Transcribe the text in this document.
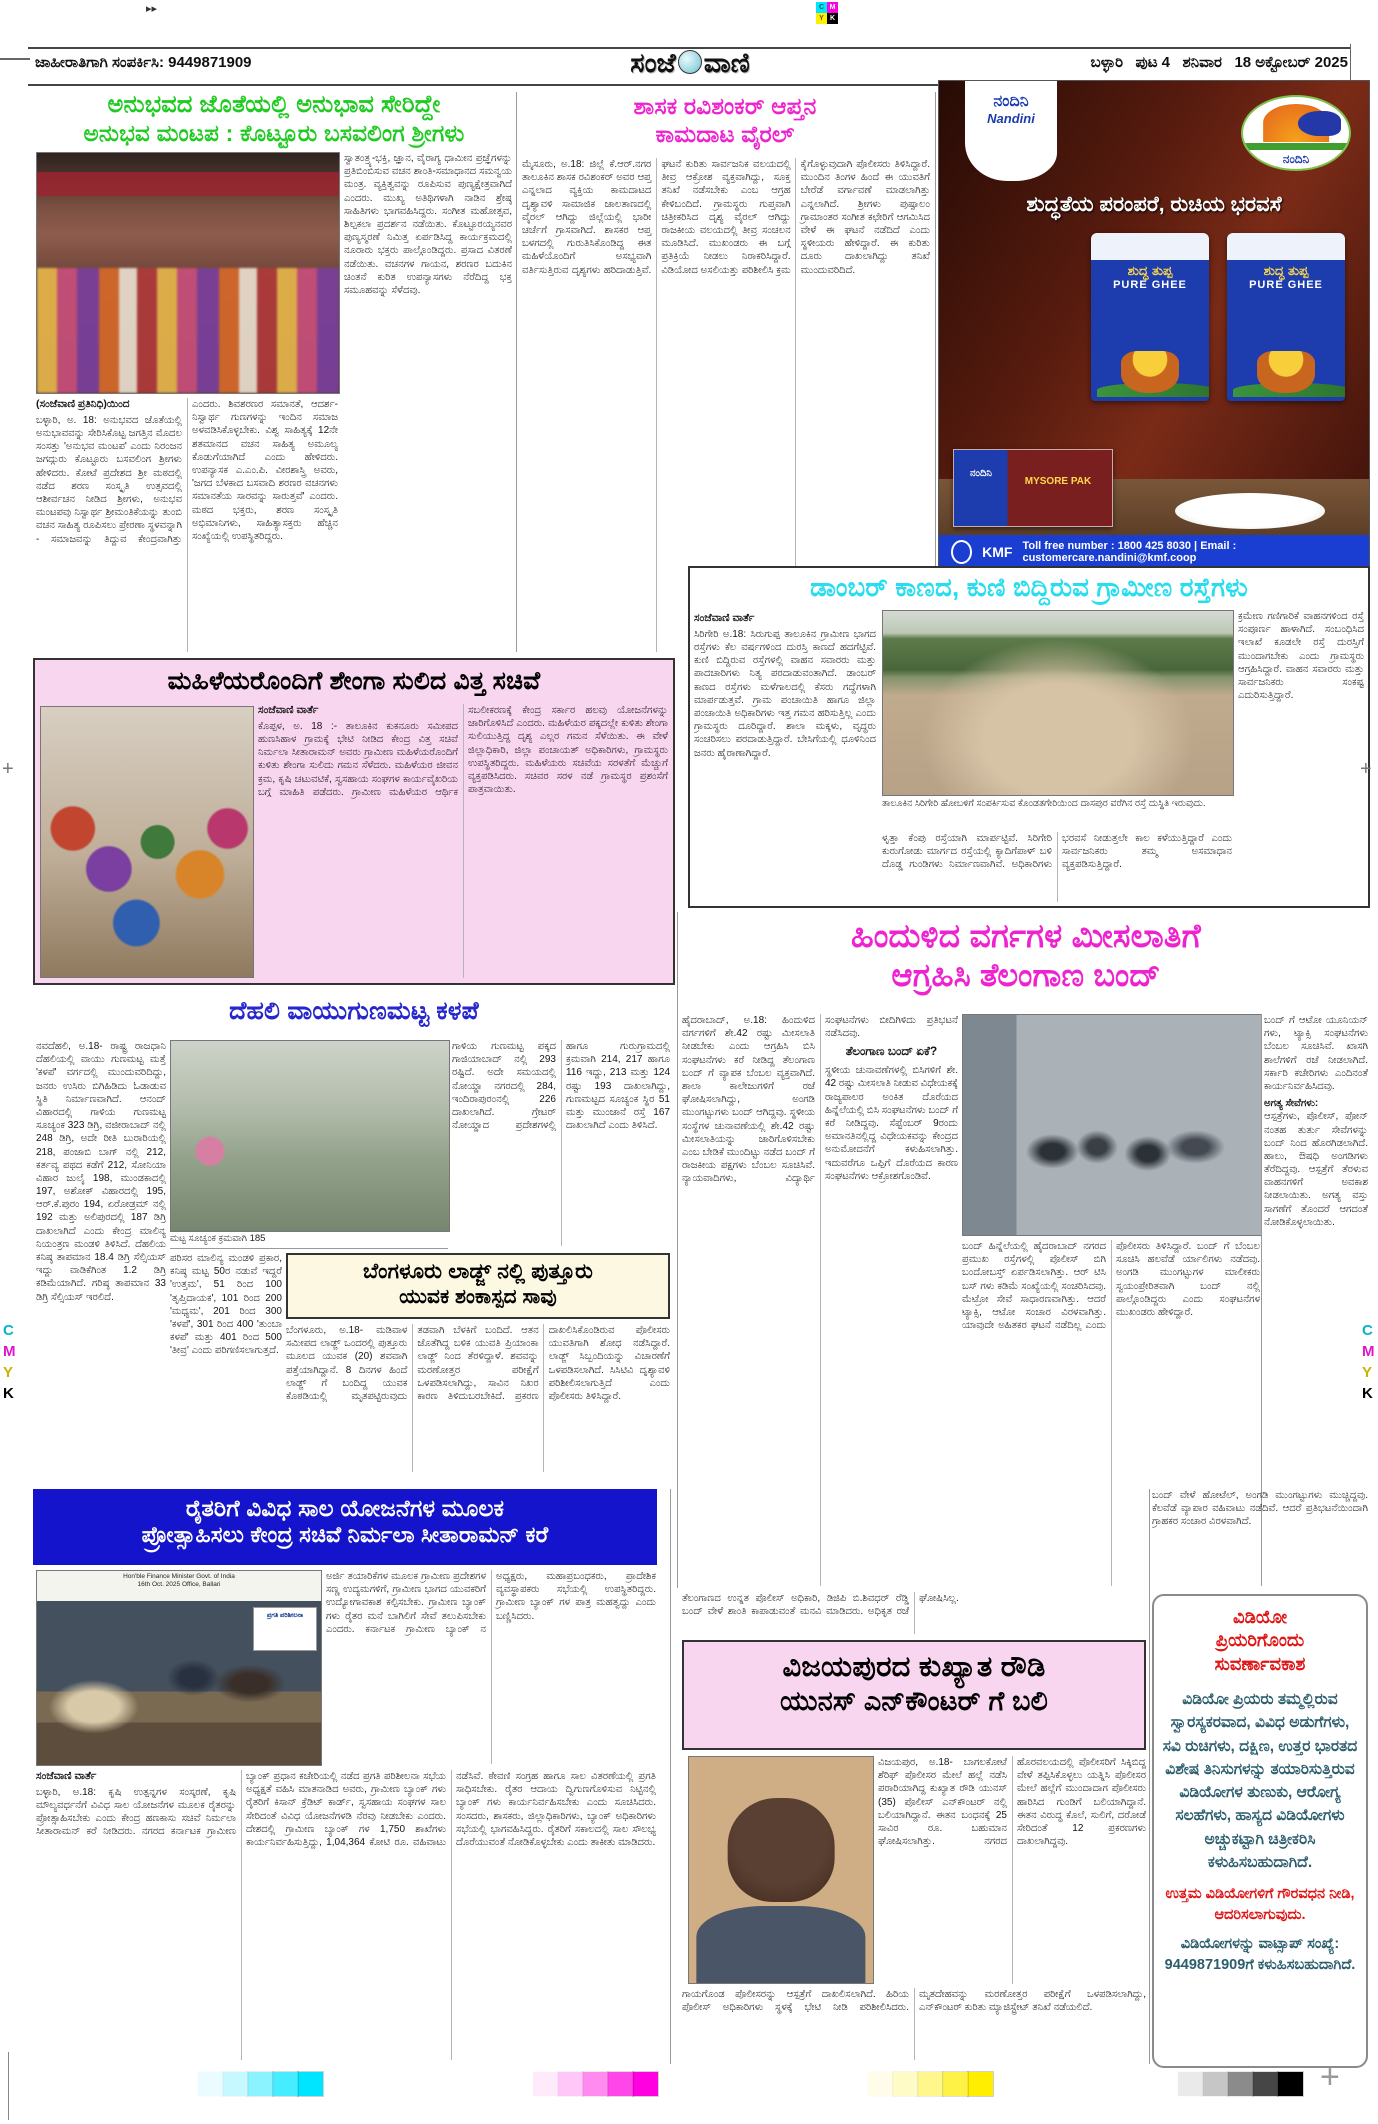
▸▸	C M
Y K
ಜಾಹೀರಾತಿಗಾಗಿ ಸಂಪರ್ಕಿಸಿ: 9449871909	ಸಂಜೆ ವಾಣಿ	ಬಳ್ಳಾರಿ   ಪುಟ 4   ಶನಿವಾರ   18 ಅಕ್ಟೋಬರ್ 2025
ಅನುಭವದ ಜೊತೆಯಲ್ಲಿ ಅನುಭಾವ ಸೇರಿದ್ದೇ
ಅನುಭವ ಮಂಟಪ : ಕೊಟ್ಟೂರು ಬಸವಲಿಂಗ ಶ್ರೀಗಳು
ಸ್ವಾತಂತ್ರ್ಯ-ಭಕ್ತಿ, ಜ್ಞಾನ, ವೈರಾಗ್ಯ ಧಾಮೀನ ಪ್ರಜ್ಞೆಗಳನ್ನು ಪ್ರತಿಬಿಂಬಿಸುವ ವಚನ ಶಾಂತಿ-ಸಮಾಧಾನದ ಸಮನ್ವಯ ಮಂತ್ರ. ವ್ಯಕ್ತಿತ್ವವನ್ನು ರೂಪಿಸುವ ಪುಣ್ಯಕ್ಷೇತ್ರವಾಗಿದೆ ಎಂದರು. ಮುಖ್ಯ ಅತಿಥಿಗಳಾಗಿ ನಾಡಿನ ಶ್ರೇಷ್ಠ ಸಾಹಿತಿಗಳು ಭಾಗವಹಿಸಿದ್ದರು. ಸಂಗೀತ ಮಹೋತ್ಸವ, ಶಿಲ್ಪಕಲಾ ಪ್ರದರ್ಶನ ನಡೆಯಿತು. ಕೊಟ್ಟೂರಯ್ಯನವರ ಪುಣ್ಯಸ್ಮರಣೆ ನಿಮಿತ್ತ ಏರ್ಪಡಿಸಿದ್ದ ಕಾರ್ಯಕ್ರಮದಲ್ಲಿ ನೂರಾರು ಭಕ್ತರು ಪಾಲ್ಗೊಂಡಿದ್ದರು. ಪ್ರಸಾದ ವಿತರಣೆ ನಡೆಯಿತು. ವಚನಗಳ ಗಾಯನ, ಶರಣರ ಬದುಕಿನ ಚಿಂತನೆ ಕುರಿತ ಉಪನ್ಯಾಸಗಳು ನೆರೆದಿದ್ದ ಭಕ್ತ ಸಮೂಹವನ್ನು ಸೆಳೆದವು.
(ಸಂಜೆವಾಣಿ ಪ್ರತಿನಿಧಿ)ಯಿಂದ
ಬಳ್ಳಾರಿ, ಅ. 18: ಅನುಭವದ ಜೊತೆಯಲ್ಲಿ ಅನುಭಾವವನ್ನು ಸೇರಿಸಿಕೊಟ್ಟ ಜಗತ್ತಿನ ಮೊದಲ ಸಂಸತ್ತು 'ಅನುಭವ ಮಂಟಪ' ಎಂದು ನಿರಂಜನ ಜಗದ್ಗುರು ಕೊಟ್ಟೂರು ಬಸವಲಿಂಗ ಶ್ರೀಗಳು ಹೇಳಿದರು. ಕೋಟೆ ಪ್ರದೇಶದ ಶ್ರೀ ಮಠದಲ್ಲಿ ನಡೆದ ಶರಣ ಸಂಸ್ಕೃತಿ ಉತ್ಸವದಲ್ಲಿ ಆಶೀರ್ವಚನ ನೀಡಿದ ಶ್ರೀಗಳು, ಅನುಭವ ಮಂಟಪವು ನಿಸ್ವಾರ್ಥ ಶ್ರೀಮಂತಿಕೆಯನ್ನು ತುಂಬಿ ವಚನ ಸಾಹಿತ್ಯ ರೂಪಿಸಲು ಪ್ರೇರಣಾ ಸ್ಥಳವನ್ನಾಗಿ - ಸಮಾಜವನ್ನು ತಿದ್ದುವ ಕೇಂದ್ರವಾಗಿತ್ತು ಎಂದರು. ಶಿವಶರಣರ ಸಮಾನತೆ, ಆದರ್ಶ-ನಿಸ್ವಾರ್ಥ ಗುಣಗಳನ್ನು ಇಂದಿನ ಸಮಾಜ ಅಳವಡಿಸಿಕೊಳ್ಳಬೇಕು. ವಿಶ್ವ ಸಾಹಿತ್ಯಕ್ಕೆ 12ನೇ ಶತಮಾನದ ವಚನ ಸಾಹಿತ್ಯ ಅಮೂಲ್ಯ ಕೊಡುಗೆಯಾಗಿದೆ ಎಂದು ಹೇಳಿದರು. ಉಪನ್ಯಾಸಕ ಎ.ಎಂ.ಪಿ. ವೀರಶಾಸ್ತ್ರಿ ಅವರು, 'ಜಗದ ಬೆಳಕಾದ ಬಸವಾದಿ ಶರಣರ ವಚನಗಳು ಸಮಾನತೆಯ ಸಾರವನ್ನು ಸಾರುತ್ತವೆ' ಎಂದರು. ಮಠದ ಭಕ್ತರು, ಶರಣ ಸಂಸ್ಕೃತಿ ಅಭಿಮಾನಿಗಳು, ಸಾಹಿತ್ಯಾಸಕ್ತರು ಹೆಚ್ಚಿನ ಸಂಖ್ಯೆಯಲ್ಲಿ ಉಪಸ್ಥಿತರಿದ್ದರು.
ಶಾಸಕ ರವಿಶಂಕರ್ ಆಪ್ತನ
ಕಾಮದಾಟ ವೈರಲ್
ಮೈಸೂರು, ಅ.18: ಜಿಲ್ಲೆ ಕೆ.ಆರ್.ನಗರ ತಾಲೂಕಿನ ಶಾಸಕ ರವಿಶಂಕರ್ ಅವರ ಆಪ್ತ ಎನ್ನಲಾದ ವ್ಯಕ್ತಿಯ ಕಾಮದಾಟದ ದೃಶ್ಯಾವಳಿ ಸಾಮಾಜಿಕ ಜಾಲತಾಣದಲ್ಲಿ ವೈರಲ್ ಆಗಿದ್ದು ಜಿಲ್ಲೆಯಲ್ಲಿ ಭಾರೀ ಚರ್ಚೆಗೆ ಗ್ರಾಸವಾಗಿದೆ. ಶಾಸಕರ ಆಪ್ತ ಬಳಗದಲ್ಲಿ ಗುರುತಿಸಿಕೊಂಡಿದ್ದ ಈತ ಮಹಿಳೆಯೊಂದಿಗೆ ಅಸಭ್ಯವಾಗಿ ವರ್ತಿಸುತ್ತಿರುವ ದೃಶ್ಯಗಳು ಹರಿದಾಡುತ್ತಿವೆ. ಘಟನೆ ಕುರಿತು ಸಾರ್ವಜನಿಕ ವಲಯದಲ್ಲಿ ತೀವ್ರ ಆಕ್ರೋಶ ವ್ಯಕ್ತವಾಗಿದ್ದು, ಸೂಕ್ತ ತನಿಖೆ ನಡೆಸಬೇಕು ಎಂಬ ಆಗ್ರಹ ಕೇಳಿಬಂದಿದೆ. ಗ್ರಾಮಸ್ಥರು ಗುಪ್ತವಾಗಿ ಚಿತ್ರೀಕರಿಸಿದ ದೃಶ್ಯ ವೈರಲ್ ಆಗಿದ್ದು ರಾಜಕೀಯ ವಲಯದಲ್ಲಿ ತೀವ್ರ ಸಂಚಲನ ಮೂಡಿಸಿದೆ. ಮುಖಂಡರು ಈ ಬಗ್ಗೆ ಪ್ರತಿಕ್ರಿಯೆ ನೀಡಲು ನಿರಾಕರಿಸಿದ್ದಾರೆ. ವಿಡಿಯೋದ ಅಸಲಿಯತ್ತು ಪರಿಶೀಲಿಸಿ ಕ್ರಮ ಕೈಗೊಳ್ಳುವುದಾಗಿ ಪೊಲೀಸರು ತಿಳಿಸಿದ್ದಾರೆ. ಮುಂದಿನ ತಿಂಗಳ ಹಿಂದೆ ಈ ಯುವತಿಗೆ ಬೇರೆಡೆ ವರ್ಗಾವಣೆ ಮಾಡಲಾಗಿತ್ತು ಎನ್ನಲಾಗಿದೆ. ಶ್ರೀಗಳು ಪುಷ್ಪಾಲಂ ಗ್ರಾಮಾಂತರ ಸಂಗೀತ ಕಛೇರಿಗೆ ಆಗಮಿಸಿದ ವೇಳೆ ಈ ಘಟನೆ ನಡೆದಿದೆ ಎಂದು ಸ್ಥಳೀಯರು ಹೇಳಿದ್ದಾರೆ. ಈ ಕುರಿತು ದೂರು ದಾಖಲಾಗಿದ್ದು ತನಿಖೆ ಮುಂದುವರಿದಿದೆ.
ನಂದಿನಿ
Nandini
ನಂದಿನಿ
ಶುದ್ಧತೆಯ ಪರಂಪರೆ, ರುಚಿಯ ಭರವಸೆ
ಶುದ್ಧ ತುಪ್ಪ
PURE GHEE
ಶುದ್ಧ ತುಪ್ಪ
PURE GHEE
ನಂದಿನಿ
MYSORE PAK
KMF Toll free number : 1800 425 8030 | Email : customercare.nandini@kmf.coop
ಡಾಂಬರ್ ಕಾಣದ, ಕುಣಿ ಬಿದ್ದಿರುವ ಗ್ರಾಮೀಣ ರಸ್ತೆಗಳು
ಸಂಜೆವಾಣಿ ವಾರ್ತೆ
ಸಿರಿಗೇರಿ ಅ.18: ಸಿರುಗುಪ್ಪ ತಾಲೂಕಿನ ಗ್ರಾಮೀಣ ಭಾಗದ ರಸ್ತೆಗಳು ಕೆಲ ವರ್ಷಗಳಿಂದ ದುರಸ್ತಿ ಕಾಣದೆ ಹದಗೆಟ್ಟಿವೆ. ಕುಣಿ ಬಿದ್ದಿರುವ ರಸ್ತೆಗಳಲ್ಲಿ ವಾಹನ ಸವಾರರು ಮತ್ತು ಪಾದಚಾರಿಗಳು ನಿತ್ಯ ಪರದಾಡುವಂತಾಗಿದೆ. ಡಾಂಬರ್ ಕಾಣದ ರಸ್ತೆಗಳು ಮಳೆಗಾಲದಲ್ಲಿ ಕೆಸರು ಗದ್ದೆಗಳಾಗಿ ಮಾರ್ಪಡುತ್ತವೆ. ಗ್ರಾಮ ಪಂಚಾಯಿತಿ ಹಾಗೂ ಜಿಲ್ಲಾ ಪಂಚಾಯಿತಿ ಅಧಿಕಾರಿಗಳು ಇತ್ತ ಗಮನ ಹರಿಸುತ್ತಿಲ್ಲ ಎಂದು ಗ್ರಾಮಸ್ಥರು ದೂರಿದ್ದಾರೆ. ಶಾಲಾ ಮಕ್ಕಳು, ವೃದ್ಧರು ಸಂಚರಿಸಲು ಪರದಾಡುತ್ತಿದ್ದಾರೆ. ಬೇಸಿಗೆಯಲ್ಲಿ ಧೂಳಿನಿಂದ ಜನರು ಹೈರಾಣಾಗಿದ್ದಾರೆ.
ತಾಲೂಕಿನ ಸಿರಿಗೇರಿ ಹೋಬಳಿಗೆ ಸಂಪರ್ಕಿಸುವ ಕೊಂಡತಗೇರಿಯಿಂದ ದಾಸಪುರ ವರೆಗಿನ ರಸ್ತೆ ದುಸ್ಥಿತಿ ಇರುವುದು.
ಳೃತ್ತಾ ಕೆಂಪು ರಸ್ತೆಯಾಗಿ ಮಾರ್ಪಟ್ಟಿವೆ. ಸಿರಿಗೇರಿ ಕುರುಗೋಡು ಮಾರ್ಗದ ರಸ್ತೆಯಲ್ಲಿ ಕ್ಯಾದಿಗೆಪಾಳ್ ಬಳಿ ದೊಡ್ಡ ಗುಂಡಿಗಳು ನಿರ್ಮಾಣವಾಗಿವೆ. ಅಧಿಕಾರಿಗಳು ಭರವಸೆ ನೀಡುತ್ತಲೇ ಕಾಲ ಕಳೆಯುತ್ತಿದ್ದಾರೆ ಎಂದು ಸಾರ್ವಜನಿಕರು ತಮ್ಮ ಅಸಮಾಧಾನ ವ್ಯಕ್ತಪಡಿಸುತ್ತಿದ್ದಾರೆ.
ಕ್ರಮೇಣ ಗಣಿಗಾರಿಕೆ ವಾಹನಗಳಿಂದ ರಸ್ತೆ ಸಂಪೂರ್ಣ ಹಾಳಾಗಿದೆ. ಸಂಬಂಧಿಸಿದ ಇಲಾಖೆ ಕೂಡಲೇ ರಸ್ತೆ ದುರಸ್ತಿಗೆ ಮುಂದಾಗಬೇಕು ಎಂದು ಗ್ರಾಮಸ್ಥರು ಆಗ್ರಹಿಸಿದ್ದಾರೆ. ವಾಹನ ಸವಾರರು ಮತ್ತು ಸಾರ್ವಜನಿಕರು ಸಂಕಷ್ಟ ಎದುರಿಸುತ್ತಿದ್ದಾರೆ.
ಮಹಿಳೆಯರೊಂದಿಗೆ ಶೇಂಗಾ ಸುಲಿದ ವಿತ್ತ ಸಚಿವೆ
ಸಂಜೆವಾಣಿ ವಾರ್ತೆ
ಕೊಪ್ಪಳ, ಅ. 18 :- ತಾಲೂಕಿನ ಕುಕನೂರು ಸಮೀಪದ ಹುಣಸಿಹಾಳ ಗ್ರಾಮಕ್ಕೆ ಭೇಟಿ ನೀಡಿದ ಕೇಂದ್ರ ವಿತ್ತ ಸಚಿವೆ ನಿರ್ಮಲಾ ಸೀತಾರಾಮನ್ ಅವರು ಗ್ರಾಮೀಣ ಮಹಿಳೆಯರೊಂದಿಗೆ ಕುಳಿತು ಶೇಂಗಾ ಸುಲಿದು ಗಮನ ಸೆಳೆದರು. ಮಹಿಳೆಯರ ಜೀವನ ಕ್ರಮ, ಕೃಷಿ ಚಟುವಟಿಕೆ, ಸ್ವಸಹಾಯ ಸಂಘಗಳ ಕಾರ್ಯವೈಖರಿಯ ಬಗ್ಗೆ ಮಾಹಿತಿ ಪಡೆದರು. ಗ್ರಾಮೀಣ ಮಹಿಳೆಯರ ಆರ್ಥಿಕ ಸಬಲೀಕರಣಕ್ಕೆ ಕೇಂದ್ರ ಸರ್ಕಾರ ಹಲವು ಯೋಜನೆಗಳನ್ನು ಜಾರಿಗೊಳಿಸಿದೆ ಎಂದರು. ಮಹಿಳೆಯರ ಪಕ್ಕದಲ್ಲೇ ಕುಳಿತು ಶೇಂಗಾ ಸುಲಿಯುತ್ತಿದ್ದ ದೃಶ್ಯ ಎಲ್ಲರ ಗಮನ ಸೆಳೆಯಿತು. ಈ ವೇಳೆ ಜಿಲ್ಲಾಧಿಕಾರಿ, ಜಿಲ್ಲಾ ಪಂಚಾಯತ್ ಅಧಿಕಾರಿಗಳು, ಗ್ರಾಮಸ್ಥರು ಉಪಸ್ಥಿತರಿದ್ದರು. ಮಹಿಳೆಯರು ಸಚಿವೆಯ ಸರಳತೆಗೆ ಮೆಚ್ಚುಗೆ ವ್ಯಕ್ತಪಡಿಸಿದರು. ಸಚಿವರ ಸರಳ ನಡೆ ಗ್ರಾಮಸ್ಥರ ಪ್ರಶಂಸೆಗೆ ಪಾತ್ರವಾಯಿತು.
ಹಿಂದುಳಿದ ವರ್ಗಗಳ ಮೀಸಲಾತಿಗೆ
ಆಗ್ರಹಿಸಿ ತೆಲಂಗಾಣ ಬಂದ್
ಹೈದರಾಬಾದ್, ಅ.18: ಹಿಂದುಳಿದ ವರ್ಗಗಳಿಗೆ ಶೇ.42 ರಷ್ಟು ಮೀಸಲಾತಿ ನೀಡಬೇಕು ಎಂದು ಆಗ್ರಹಿಸಿ ಬಿಸಿ ಸಂಘಟನೆಗಳು ಕರೆ ನೀಡಿದ್ದ ತೆಲಂಗಾಣ ಬಂದ್ ಗೆ ವ್ಯಾಪಕ ಬೆಂಬಲ ವ್ಯಕ್ತವಾಗಿದೆ. ಶಾಲಾ ಕಾಲೇಜುಗಳಿಗೆ ರಜೆ ಘೋಷಿಸಲಾಗಿದ್ದು, ಅಂಗಡಿ ಮುಂಗಟ್ಟುಗಳು ಬಂದ್ ಆಗಿದ್ದವು. ಸ್ಥಳೀಯ ಸಂಸ್ಥೆಗಳ ಚುನಾವಣೆಯಲ್ಲಿ ಶೇ.42 ರಷ್ಟು ಮೀಸಲಾತಿಯನ್ನು ಜಾರಿಗೊಳಿಸಬೇಕು ಎಂಬ ಬೇಡಿಕೆ ಮುಂದಿಟ್ಟು ನಡೆದ ಬಂದ್ ಗೆ ರಾಜಕೀಯ ಪಕ್ಷಗಳು ಬೆಂಬಲ ಸೂಚಿಸಿವೆ. ನ್ಯಾಯವಾದಿಗಳು, ವಿದ್ಯಾರ್ಥಿ ಸಂಘಟನೆಗಳು ಬೀದಿಗಿಳಿದು ಪ್ರತಿಭಟನೆ ನಡೆಸಿದವು.
ತೆಲಂಗಾಣ ಬಂದ್ ಏಕೆ?
ಸ್ಥಳೀಯ ಚುನಾವಣೆಗಳಲ್ಲಿ ಬಿಸಿಗಳಿಗೆ ಶೇ. 42 ರಷ್ಟು ಮೀಸಲಾತಿ ನೀಡುವ ವಿಧೇಯಕಕ್ಕೆ ರಾಜ್ಯಪಾಲರ ಅಂಕಿತ ದೊರೆಯದ ಹಿನ್ನೆಲೆಯಲ್ಲಿ ಬಿಸಿ ಸಂಘಟನೆಗಳು ಬಂದ್ ಗೆ ಕರೆ ನೀಡಿದ್ದವು. ಸೆಪ್ಟೆಂಬರ್ 9ರಂದು ಅಮಾನತಿನಲ್ಲಿದ್ದ ವಿಧೇಯಕವನ್ನು ಕೇಂದ್ರದ ಅನುಮೋದನೆಗೆ ಕಳುಹಿಸಲಾಗಿತ್ತು. ಇದುವರೆಗೂ ಒಪ್ಪಿಗೆ ದೊರೆಯದ ಕಾರಣ ಸಂಘಟನೆಗಳು ಆಕ್ರೋಶಗೊಂಡಿವೆ.
ಬಂದ್ ಹಿನ್ನೆಲೆಯಲ್ಲಿ ಹೈದರಾಬಾದ್ ನಗರದ ಪ್ರಮುಖ ರಸ್ತೆಗಳಲ್ಲಿ ಪೊಲೀಸ್ ಬಿಗಿ ಬಂದೋಬಸ್ತ್ ಏರ್ಪಡಿಸಲಾಗಿತ್ತು. ಆರ್ ಟಿಸಿ ಬಸ್ ಗಳು ಕಡಿಮೆ ಸಂಖ್ಯೆಯಲ್ಲಿ ಸಂಚರಿಸಿದವು. ಮೆಟ್ರೋ ಸೇವೆ ಸಾಧಾರಣವಾಗಿತ್ತು. ಆದರೆ ಟ್ಯಾಕ್ಸಿ, ಆಟೋ ಸಂಚಾರ ವಿರಳವಾಗಿತ್ತು. ಯಾವುದೇ ಅಹಿತಕರ ಘಟನೆ ನಡೆದಿಲ್ಲ ಎಂದು ಪೊಲೀಸರು ತಿಳಿಸಿದ್ದಾರೆ. ಬಂದ್ ಗೆ ಬೆಂಬಲ ಸೂಚಿಸಿ ಹಲವೆಡೆ ರ್ಯಾಲಿಗಳು ನಡೆದವು. ಅಂಗಡಿ ಮುಂಗಟ್ಟುಗಳ ಮಾಲೀಕರು ಸ್ವಯಂಪ್ರೇರಿತವಾಗಿ ಬಂದ್ ನಲ್ಲಿ ಪಾಲ್ಗೊಂಡಿದ್ದರು ಎಂದು ಸಂಘಟನೆಗಳ ಮುಖಂಡರು ಹೇಳಿದ್ದಾರೆ.
ಬಂದ್ ಗೆ ಆಟೋ ಯೂನಿಯನ್ ಗಳು, ಟ್ಯಾಕ್ಸಿ ಸಂಘಟನೆಗಳು ಬೆಂಬಲ ಸೂಚಿಸಿವೆ. ಖಾಸಗಿ ಶಾಲೆಗಳಿಗೆ ರಜೆ ನೀಡಲಾಗಿದೆ. ಸರ್ಕಾರಿ ಕಚೇರಿಗಳು ಎಂದಿನಂತೆ ಕಾರ್ಯನಿರ್ವಹಿಸಿದವು.
ಅಗತ್ಯ ಸೇವೆಗಳು:
ಆಸ್ಪತ್ರೆಗಳು, ಪೊಲೀಸ್, ಪೋನ್ ನಂತಹ ತುರ್ತು ಸೇವೆಗಳನ್ನು ಬಂದ್ ನಿಂದ ಹೊರಗಿಡಲಾಗಿದೆ. ಹಾಲು, ಔಷಧಿ ಅಂಗಡಿಗಳು ತೆರೆದಿದ್ದವು. ಆಸ್ಪತ್ರೆಗೆ ತೆರಳುವ ವಾಹನಗಳಿಗೆ ಅವಕಾಶ ನೀಡಲಾಯಿತು. ಅಗತ್ಯ ವಸ್ತು ಸಾಗಣೆಗೆ ತೊಂದರೆ ಆಗದಂತೆ ನೋಡಿಕೊಳ್ಳಲಾಯಿತು.
ದೆಹಲಿ ವಾಯುಗುಣಮಟ್ಟ ಕಳಪೆ
ನವದೆಹಲಿ, ಅ.18- ರಾಷ್ಟ್ರ ರಾಜಧಾನಿ ದೆಹಲಿಯಲ್ಲಿ ವಾಯು ಗುಣಮಟ್ಟ ಮತ್ತೆ 'ಕಳಪೆ' ವರ್ಗದಲ್ಲಿ ಮುಂದುವರಿದಿದ್ದು, ಜನರು ಉಸಿರು ಬಿಗಿಹಿಡಿದು ಓಡಾಡುವ ಸ್ಥಿತಿ ನಿರ್ಮಾಣವಾಗಿದೆ. ಆನಂದ್ ವಿಹಾರದಲ್ಲಿ ಗಾಳಿಯ ಗುಣಮಟ್ಟ ಸೂಚ್ಯಂಕ 323 ಡಿಗ್ರಿ, ವಜೀರಾಬಾದ್ ನಲ್ಲಿ 248 ಡಿಗ್ರಿ, ಅದೇ ರೀತಿ ಬುರಾರಿಯಲ್ಲಿ 218, ಪಂಜಾಬಿ ಬಾಗ್ ನಲ್ಲಿ 212, ಕರ್ತವ್ಯ ಪಥದ ಕಡೆಗೆ 212, ಸೋನಿಯಾ ವಿಹಾರ ಜುಲೈ 198, ಮುಂಡಕಾದಲ್ಲಿ 197, ಅಶೋಕ್ ವಿಹಾರದಲ್ಲಿ 195, ಆರ್.ಕೆ.ಪುರಂ 194, ಏರೋಡ್ರಮ್ ನಲ್ಲಿ 192 ಮತ್ತು ಅಲಿಪುರದಲ್ಲಿ 187 ಡಿಗ್ರಿ ದಾಖಲಾಗಿದೆ ಎಂದು ಕೇಂದ್ರ ಮಾಲಿನ್ಯ ನಿಯಂತ್ರಣ ಮಂಡಳಿ ತಿಳಿಸಿದೆ. ದೆಹಲಿಯ ಕನಿಷ್ಠ ತಾಪಮಾನ 18.4 ಡಿಗ್ರಿ ಸೆಲ್ಸಿಯಸ್ ಇದ್ದು ವಾಡಿಕೆಗಿಂತ 1.2 ಡಿಗ್ರಿ ಕಡಿಮೆಯಾಗಿದೆ. ಗರಿಷ್ಠ ತಾಪಮಾನ 33 ಡಿಗ್ರಿ ಸೆಲ್ಸಿಯಸ್ ಇರಲಿದೆ.
ಮಟ್ಟ ಸೂಚ್ಯಂಕ ಕ್ರಮವಾಗಿ 185
ಪರಿಸರ ಮಾಲಿನ್ಯ ಮಂಡಳಿ ಪ್ರಕಾರ, ಕನಿಷ್ಠ ಮಟ್ಟ 50ರ ನಡುವೆ ಇದ್ದರೆ 'ಉತ್ತಮ', 51 ರಿಂದ 100 'ತೃಪ್ತಿದಾಯಕ', 101 ರಿಂದ 200 'ಮಧ್ಯಮ', 201 ರಿಂದ 300 'ಕಳಪೆ', 301 ರಿಂದ 400 'ತುಂಬಾ ಕಳಪೆ' ಮತ್ತು 401 ರಿಂದ 500 'ತೀವ್ರ' ಎಂದು ಪರಿಗಣಿಸಲಾಗುತ್ತದೆ.
ಗಾಳಿಯ ಗುಣಮಟ್ಟ ಪಕ್ಕದ ಗಾಜಿಯಾಬಾದ್ ನಲ್ಲಿ 293 ರಷ್ಟಿದೆ. ಅದೇ ಸಮಯದಲ್ಲಿ ನೋಯ್ಡಾ ನಗರದಲ್ಲಿ 284, ಇಂದಿರಾಪುರಂನಲ್ಲಿ 226 ದಾಖಲಾಗಿದೆ. ಗ್ರೇಟರ್ ನೋಯ್ಡಾದ ಪ್ರದೇಶಗಳಲ್ಲಿ ಹಾಗೂ ಗುರುಗ್ರಾಮದಲ್ಲಿ ಕ್ರಮವಾಗಿ 214, 217 ಹಾಗೂ 116 ಇದ್ದು, 213 ಮತ್ತು 124 ರಷ್ಟು 193 ದಾಖಲಾಗಿದ್ದು, ಗುಣಮಟ್ಟದ ಸೂಚ್ಯಂಕ ಸ್ಥಿರ 51 ಮತ್ತು ಮುಂಜಾನೆ ರಸ್ತೆ 167 ದಾಖಲಾಗಿದೆ ಎಂದು ತಿಳಿಸಿದೆ.
ಬೆಂಗಳೂರು ಲಾಡ್ಜ್ ನಲ್ಲಿ ಪುತ್ತೂರು
ಯುವಕ ಶಂಕಾಸ್ಪದ ಸಾವು
ಬೆಂಗಳೂರು, ಅ.18- ಮಡಿವಾಳ ಸಮೀಪದ ಲಾಡ್ಜ್ ಒಂದರಲ್ಲಿ ಪುತ್ತೂರು ಮೂಲದ ಯುವಕ (20) ಶವವಾಗಿ ಪತ್ತೆಯಾಗಿದ್ದಾನೆ. 8 ದಿನಗಳ ಹಿಂದೆ ಲಾಡ್ಜ್ ಗೆ ಬಂದಿದ್ದ ಯುವಕ ಕೊಠಡಿಯಲ್ಲಿ ಮೃತಪಟ್ಟಿರುವುದು ತಡವಾಗಿ ಬೆಳಕಿಗೆ ಬಂದಿದೆ. ಆತನ ಜೊತೆಗಿದ್ದ ಬಳಿಕ ಯುವತಿ ಪ್ರಿಯಾಂಕಾ ಲಾಡ್ಜ್ ನಿಂದ ತೆರಳಿದ್ದಾಳೆ. ಶವವನ್ನು ಮರಣೋತ್ತರ ಪರೀಕ್ಷೆಗೆ ಒಳಪಡಿಸಲಾಗಿದ್ದು, ಸಾವಿನ ನಿಖರ ಕಾರಣ ತಿಳಿದುಬರಬೇಕಿದೆ. ಪ್ರಕರಣ ದಾಖಲಿಸಿಕೊಂಡಿರುವ ಪೊಲೀಸರು ಯುವತಿಗಾಗಿ ಶೋಧ ನಡೆಸಿದ್ದಾರೆ. ಲಾಡ್ಜ್ ಸಿಬ್ಬಂದಿಯನ್ನು ವಿಚಾರಣೆಗೆ ಒಳಪಡಿಸಲಾಗಿದೆ. ಸಿಸಿಟಿವಿ ದೃಶ್ಯಾವಳಿ ಪರಿಶೀಲಿಸಲಾಗುತ್ತಿದೆ ಎಂದು ಪೊಲೀಸರು ತಿಳಿಸಿದ್ದಾರೆ.
ರೈತರಿಗೆ ವಿವಿಧ ಸಾಲ ಯೋಜನೆಗಳ ಮೂಲಕ
ಪ್ರೋತ್ಸಾಹಿಸಲು ಕೇಂದ್ರ ಸಚಿವೆ ನಿರ್ಮಲಾ ಸೀತಾರಾಮನ್ ಕರೆ
Hon'ble Finance Minister Govt. of India
16th Oct. 2025 Office, Ballari
ಪ್ರಗತಿ ಪರಿಶೀಲನಾ
ಅರ್ಜಿ ತಯಾರಿಕೆಗಳ ಮೂಲಕ ಗ್ರಾಮೀಣ ಪ್ರದೇಶಗಳ ಸಣ್ಣ ಉದ್ಯಮಗಳಿಗೆ, ಗ್ರಾಮೀಣ ಭಾಗದ ಯುವಕರಿಗೆ ಉದ್ಯೋಗಾವಕಾಶ ಕಲ್ಪಿಸಬೇಕು. ಗ್ರಾಮೀಣ ಬ್ಯಾಂಕ್ ಗಳು ರೈತರ ಮನೆ ಬಾಗಿಲಿಗೆ ಸೇವೆ ತಲುಪಿಸಬೇಕು ಎಂದರು. ಕರ್ನಾಟಕ ಗ್ರಾಮೀಣ ಬ್ಯಾಂಕ್ ನ ಅಧ್ಯಕ್ಷರು, ಮಹಾಪ್ರಬಂಧಕರು, ಪ್ರಾದೇಶಿಕ ವ್ಯವಸ್ಥಾಪಕರು ಸಭೆಯಲ್ಲಿ ಉಪಸ್ಥಿತರಿದ್ದರು. ಗ್ರಾಮೀಣ ಬ್ಯಾಂಕ್ ಗಳ ಪಾತ್ರ ಮಹತ್ವದ್ದು ಎಂದು ಬಣ್ಣಿಸಿದರು.
ಸಂಜೆವಾಣಿ ವಾರ್ತೆ
ಬಳ್ಳಾರಿ, ಅ.18: ಕೃಷಿ ಉತ್ಪನ್ನಗಳ ಸಂಸ್ಕರಣೆ, ಕೃಷಿ ಮೌಲ್ಯವರ್ಧನೆಗೆ ವಿವಿಧ ಸಾಲ ಯೋಜನೆಗಳ ಮೂಲಕ ರೈತರನ್ನು ಪ್ರೋತ್ಸಾಹಿಸಬೇಕು ಎಂದು ಕೇಂದ್ರ ಹಣಕಾಸು ಸಚಿವೆ ನಿರ್ಮಲಾ ಸೀತಾರಾಮನ್ ಕರೆ ನೀಡಿದರು. ನಗರದ ಕರ್ನಾಟಕ ಗ್ರಾಮೀಣ ಬ್ಯಾಂಕ್ ಪ್ರಧಾನ ಕಚೇರಿಯಲ್ಲಿ ನಡೆದ ಪ್ರಗತಿ ಪರಿಶೀಲನಾ ಸಭೆಯ ಅಧ್ಯಕ್ಷತೆ ವಹಿಸಿ ಮಾತನಾಡಿದ ಅವರು, ಗ್ರಾಮೀಣ ಬ್ಯಾಂಕ್ ಗಳು ರೈತರಿಗೆ ಕಿಸಾನ್ ಕ್ರೆಡಿಟ್ ಕಾರ್ಡ್, ಸ್ವಸಹಾಯ ಸಂಘಗಳ ಸಾಲ ಸೇರಿದಂತೆ ವಿವಿಧ ಯೋಜನೆಗಳಡಿ ನೆರವು ನೀಡಬೇಕು ಎಂದರು. ದೇಶದಲ್ಲಿ ಗ್ರಾಮೀಣ ಬ್ಯಾಂಕ್ ಗಳ 1,750 ಶಾಖೆಗಳು ಕಾರ್ಯನಿರ್ವಹಿಸುತ್ತಿದ್ದು, 1,04,364 ಕೋಟಿ ರೂ. ವಹಿವಾಟು ನಡೆಸಿವೆ. ಠೇವಣಿ ಸಂಗ್ರಹ ಹಾಗೂ ಸಾಲ ವಿತರಣೆಯಲ್ಲಿ ಪ್ರಗತಿ ಸಾಧಿಸಬೇಕು. ರೈತರ ಆದಾಯ ದ್ವಿಗುಣಗೊಳಿಸುವ ನಿಟ್ಟಿನಲ್ಲಿ ಬ್ಯಾಂಕ್ ಗಳು ಕಾರ್ಯನಿರ್ವಹಿಸಬೇಕು ಎಂದು ಸೂಚಿಸಿದರು. ಸಂಸದರು, ಶಾಸಕರು, ಜಿಲ್ಲಾಧಿಕಾರಿಗಳು, ಬ್ಯಾಂಕ್ ಅಧಿಕಾರಿಗಳು ಸಭೆಯಲ್ಲಿ ಭಾಗವಹಿಸಿದ್ದರು. ರೈತರಿಗೆ ಸಕಾಲದಲ್ಲಿ ಸಾಲ ಸೌಲಭ್ಯ ದೊರೆಯುವಂತೆ ನೋಡಿಕೊಳ್ಳಬೇಕು ಎಂದು ತಾಕೀತು ಮಾಡಿದರು.
ತೆಲಂಗಾಣದ ಉನ್ನತ ಪೊಲೀಸ್ ಅಧಿಕಾರಿ, ಡಿಜಿಪಿ ಬಿ.ಶಿವಧರ್ ರೆಡ್ಡಿ ಬಂದ್ ವೇಳೆ ಶಾಂತಿ ಕಾಪಾಡುವಂತೆ ಮನವಿ ಮಾಡಿದರು. ಅಧಿಕೃತ ರಜೆ ಘೋಷಿಸಿಲ್ಲ.
ವಿಜಯಪುರದ ಕುಖ್ಯಾತ ರೌಡಿ
ಯುನಸ್ ಎನ್‌ಕೌಂಟರ್ ಗೆ ಬಲಿ
ವಿಜಯಪುರ, ಅ.18- ಬಾಗಲಕೋಟೆ ಶೆರಿಫ್ ಪೊಲೀಸರ ಮೇಲೆ ಹಲ್ಲೆ ನಡೆಸಿ ಪರಾರಿಯಾಗಿದ್ದ ಕುಖ್ಯಾತ ರೌಡಿ ಯುನಸ್ (35) ಪೊಲೀಸ್ ಎನ್‌ಕೌಂಟರ್ ನಲ್ಲಿ ಬಲಿಯಾಗಿದ್ದಾನೆ. ಈತನ ಬಂಧನಕ್ಕೆ 25 ಸಾವಿರ ರೂ. ಬಹುಮಾನ ಘೋಷಿಸಲಾಗಿತ್ತು. ನಗರದ ಹೊರವಲಯದಲ್ಲಿ ಪೊಲೀಸರಿಗೆ ಸಿಕ್ಕಿಬಿದ್ದ ವೇಳೆ ತಪ್ಪಿಸಿಕೊಳ್ಳಲು ಯತ್ನಿಸಿ ಪೊಲೀಸರ ಮೇಲೆ ಹಲ್ಲೆಗೆ ಮುಂದಾದಾಗ ಪೊಲೀಸರು ಹಾರಿಸಿದ ಗುಂಡಿಗೆ ಬಲಿಯಾಗಿದ್ದಾನೆ. ಈತನ ವಿರುದ್ಧ ಕೊಲೆ, ಸುಲಿಗೆ, ದರೋಡೆ ಸೇರಿದಂತೆ 12 ಪ್ರಕರಣಗಳು ದಾಖಲಾಗಿದ್ದವು.
ಗಾಯಗೊಂಡ ಪೊಲೀಸರನ್ನು ಆಸ್ಪತ್ರೆಗೆ ದಾಖಲಿಸಲಾಗಿದೆ. ಹಿರಿಯ ಪೊಲೀಸ್ ಅಧಿಕಾರಿಗಳು ಸ್ಥಳಕ್ಕೆ ಭೇಟಿ ನೀಡಿ ಪರಿಶೀಲಿಸಿದರು. ಮೃತದೇಹವನ್ನು ಮರಣೋತ್ತರ ಪರೀಕ್ಷೆಗೆ ಒಳಪಡಿಸಲಾಗಿದ್ದು, ಎನ್‌ಕೌಂಟರ್ ಕುರಿತು ಮ್ಯಾಜಿಸ್ಟ್ರೇಟ್ ತನಿಖೆ ನಡೆಯಲಿದೆ.
ಬಂದ್ ವೇಳೆ ಹೋಟೆಲ್, ಅಂಗಡಿ ಮುಂಗಟ್ಟುಗಳು ಮುಚ್ಚಿದ್ದವು. ಕೆಲವೆಡೆ ವ್ಯಾಪಾರ ವಹಿವಾಟು ನಡೆದಿವೆ. ಆದರೆ ಪ್ರತಿಭಟನೆಯಿಂದಾಗಿ ಗ್ರಾಹಕರ ಸಂಚಾರ ವಿರಳವಾಗಿದೆ.
ವಿಡಿಯೋ
ಪ್ರಿಯರಿಗೊಂದು
ಸುವರ್ಣಾವಕಾಶ
ವಿಡಿಯೋ ಪ್ರಿಯರು ತಮ್ಮಲ್ಲಿರುವ ಸ್ವಾರಸ್ಯಕರವಾದ, ವಿವಿಧ ಅಡುಗೆಗಳು, ಸವಿ ರುಚಿಗಳು, ದಕ್ಷಿಣ, ಉತ್ತರ ಭಾರತದ ವಿಶೇಷ ತಿನಿಸುಗಳನ್ನು ತಯಾರಿಸುತ್ತಿರುವ ವಿಡಿಯೋಗಳ ತುಣುಕು, ಆರೋಗ್ಯ ಸಲಹೆಗಳು, ಹಾಸ್ಯದ ವಿಡಿಯೋಗಳು ಅಚ್ಚುಕಟ್ಟಾಗಿ ಚಿತ್ರೀಕರಿಸಿ ಕಳುಹಿಸಬಹುದಾಗಿದೆ.
ಉತ್ತಮ ವಿಡಿಯೋಗಳಿಗೆ ಗೌರವಧನ ನೀಡಿ, ಆದರಿಸಲಾಗುವುದು.
ವಿಡಿಯೋಗಳನ್ನು ವಾಟ್ಸಾಪ್ ಸಂಖ್ಯೆ: 9449871909ಗೆ ಕಳುಹಿಸಬಹುದಾಗಿದೆ.
C
M
Y
K
C
M
Y
K
+	+
+
